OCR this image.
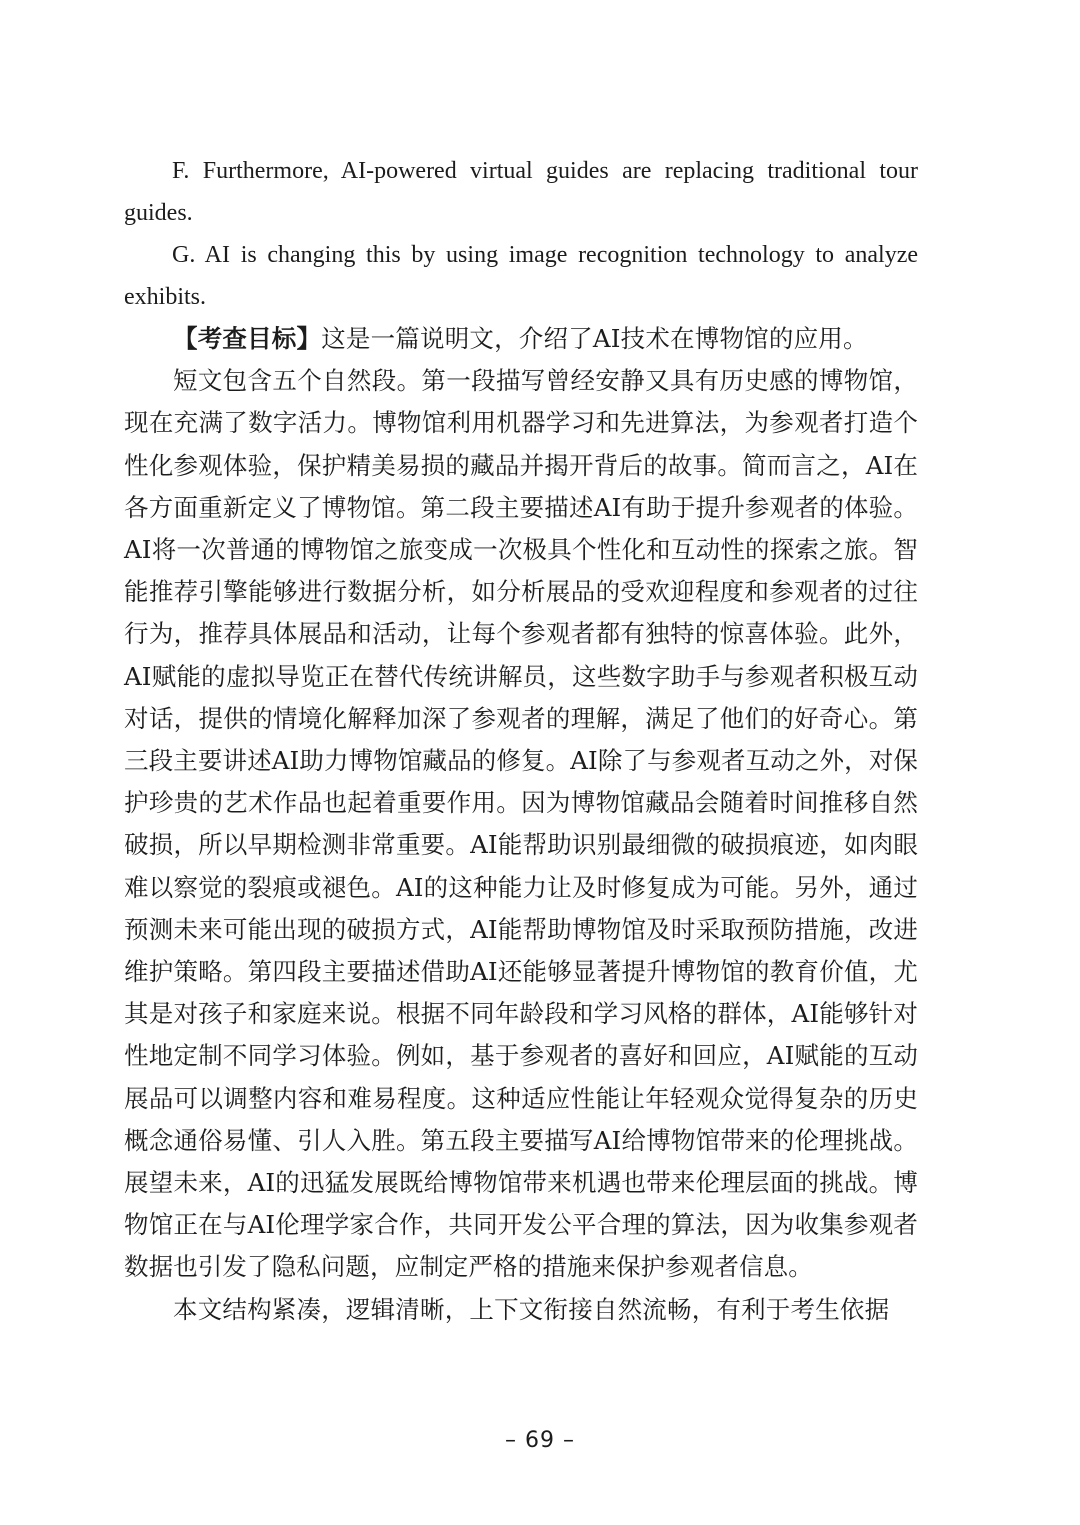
F. Furthermore, AI-powered virtual guides are replacing traditional tour guides.

G. AI is changing this by using image recognition technology to analyze exhibits.

【考查目标】这是一篇说明文，介绍了AI技术在博物馆的应用。

短文包含五个自然段。第一段描写曾经安静又具有历史感的博物馆，现在充满了数字活力。博物馆利用机器学习和先进算法，为参观者打造个性化参观体验，保护精美易损的藏品并揭开背后的故事。简而言之，AI在各方面重新定义了博物馆。第二段主要描述AI有助于提升参观者的体验。AI将一次普通的博物馆之旅变成一次极具个性化和互动性的探索之旅。智能推荐引擎能够进行数据分析，如分析展品的受欢迎程度和参观者的过往行为，推荐具体展品和活动，让每个参观者都有独特的惊喜体验。此外，AI赋能的虚拟导览正在替代传统讲解员，这些数字助手与参观者积极互动对话，提供的情境化解释加深了参观者的理解，满足了他们的好奇心。第三段主要讲述AI助力博物馆藏品的修复。AI除了与参观者互动之外，对保护珍贵的艺术作品也起着重要作用。因为博物馆藏品会随着时间推移自然破损，所以早期检测非常重要。AI能帮助识别最细微的破损痕迹，如肉眼难以察觉的裂痕或褪色。AI的这种能力让及时修复成为可能。另外，通过预测未来可能出现的破损方式，AI能帮助博物馆及时采取预防措施，改进维护策略。第四段主要描述借助AI还能够显著提升博物馆的教育价值，尤其是对孩子和家庭来说。根据不同年龄段和学习风格的群体，AI能够针对性地定制不同学习体验。例如，基于参观者的喜好和回应，AI赋能的互动展品可以调整内容和难易程度。这种适应性能让年轻观众觉得复杂的历史概念通俗易懂、引人入胜。第五段主要描写AI给博物馆带来的伦理挑战。展望未来，AI的迅猛发展既给博物馆带来机遇也带来伦理层面的挑战。博物馆正在与AI伦理学家合作，共同开发公平合理的算法，因为收集参观者数据也引发了隐私问题，应制定严格的措施来保护参观者信息。

本文结构紧凑，逻辑清晰，上下文衔接自然流畅，有利于考生依据

– 69 –
